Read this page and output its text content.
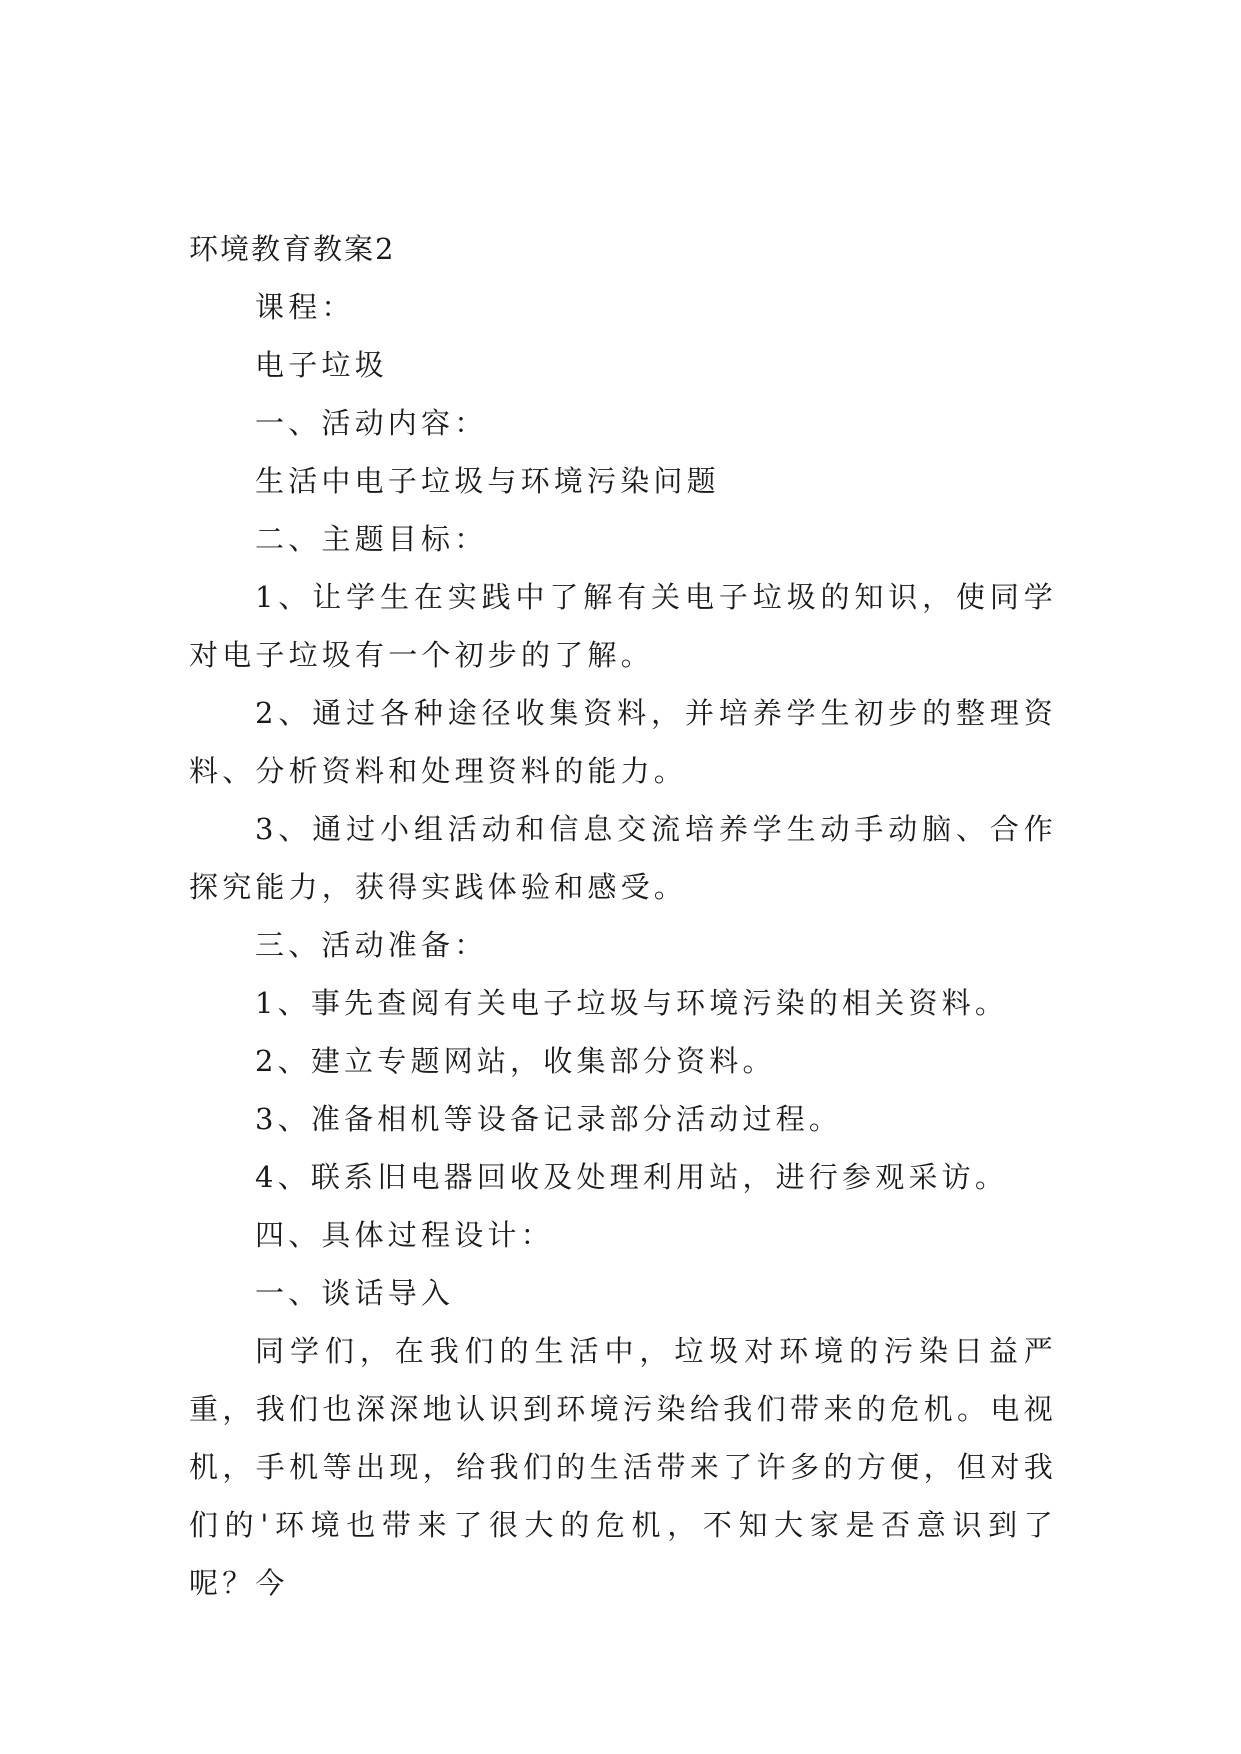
环境教育教案2

课程：

电子垃圾

一、活动内容：

生活中电子垃圾与环境污染问题

二、主题目标：

1、让学生在实践中了解有关电子垃圾的知识，使同学对电子垃圾有一个初步的了解。

2、通过各种途径收集资料，并培养学生初步的整理资料、分析资料和处理资料的能力。

3、通过小组活动和信息交流培养学生动手动脑、合作探究能力，获得实践体验和感受。

三、活动准备：

1、事先查阅有关电子垃圾与环境污染的相关资料。

2、建立专题网站，收集部分资料。

3、准备相机等设备记录部分活动过程。

4、联系旧电器回收及处理利用站，进行参观采访。

四、具体过程设计：

一、谈话导入

同学们，在我们的生活中，垃圾对环境的污染日益严重，我们也深深地认识到环境污染给我们带来的危机。电视机，手机等出现，给我们的生活带来了许多的方便，但对我们的'环境也带来了很大的危机，不知大家是否意识到了呢？今
